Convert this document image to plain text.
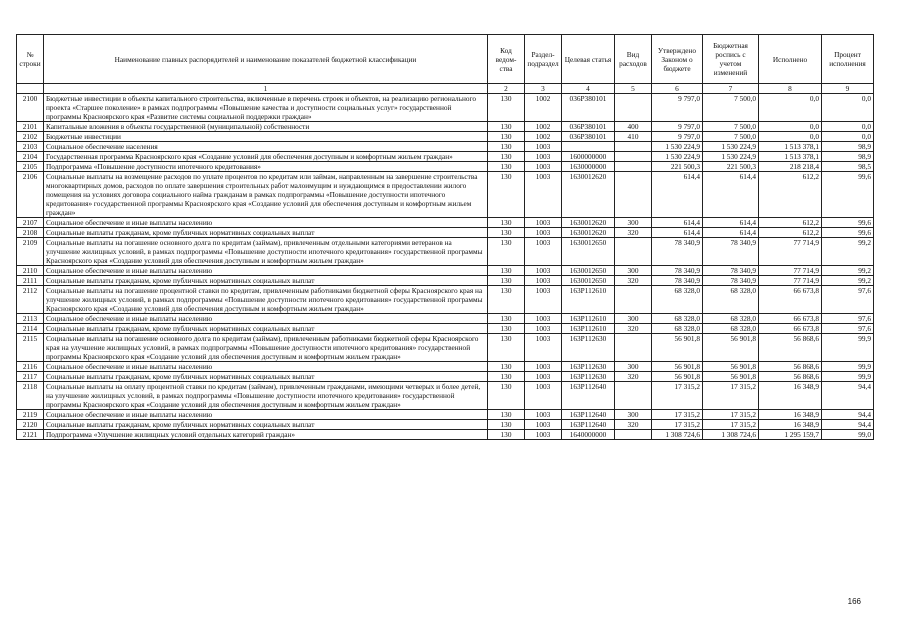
№ строки	Наименование главных распорядителей и наименование показателей бюджетной классификации	Код ведом-ства	Раздел-подраздел	Целевая статья	Вид расходов	Утверждено Законом о бюджете	Бюджетная роспись с учетом изменений	Исполнено	Процент исполнения
	1	2	3	4	5	6	7	8	9
2100	Бюджетные инвестиции в объекты капитального строительства, включенные в перечень строек и объектов, на реализацию регионального проекта «Старшее поколение» в рамках подпрограммы «Повышение качества и доступности социальных услуг» государственной программы Красноярского края «Развитие системы социальной поддержки граждан»	130	1002	036P380101		9 797,0	7 500,0	0,0	0,0
2101	Капитальные вложения в объекты государственной (муниципальной) собственности	130	1002	036P380101	400	9 797,0	7 500,0	0,0	0,0
2102	Бюджетные инвестиции	130	1002	036P380101	410	9 797,0	7 500,0	0,0	0,0
2103	Социальное обеспечение населения	130	1003			1 530 224,9	1 530 224,9	1 513 378,1	98,9
2104	Государственная программа Красноярского края «Создание условий для обеспечения доступным и комфортным жильем граждан»	130	1003	1600000000		1 530 224,9	1 530 224,9	1 513 378,1	98,9
2105	Подпрограмма «Повышение доступности ипотечного кредитования»	130	1003	1630000000		221 500,3	221 500,3	218 218,4	98,5
2106	Социальные выплаты на возмещение расходов по уплате процентов по кредитам или займам, направленным на завершение строительства многоквартирных домов, расходов по оплате завершения строительных работ малоимущим и нуждающимся в предоставлении жилого помещения на условиях договора социального найма гражданам в рамках подпрограммы «Повышение доступности ипотечного кредитования» государственной программы Красноярского края «Создание условий для обеспечения доступным и комфортным жильем граждан»	130	1003	1630012620		614,4	614,4	612,2	99,6
2107	Социальное обеспечение и иные выплаты населению	130	1003	1630012620	300	614,4	614,4	612,2	99,6
2108	Социальные выплаты гражданам, кроме публичных нормативных социальных выплат	130	1003	1630012620	320	614,4	614,4	612,2	99,6
2109	Социальные выплаты на погашение основного долга по кредитам (займам), привлеченным отдельными категориями ветеранов на улучшение жилищных условий, в рамках подпрограммы «Повышение доступности ипотечного кредитования» государственной программы Красноярского края «Создание условий для обеспечения доступным и комфортным жильем граждан»	130	1003	1630012650		78 340,9	78 340,9	77 714,9	99,2
2110	Социальное обеспечение и иные выплаты населению	130	1003	1630012650	300	78 340,9	78 340,9	77 714,9	99,2
2111	Социальные выплаты гражданам, кроме публичных нормативных социальных выплат	130	1003	1630012650	320	78 340,9	78 340,9	77 714,9	99,2
2112	Социальные выплаты на погашение процентной ставки по кредитам, привлеченным работниками бюджетной сферы Красноярского края на улучшение жилищных условий, в рамках подпрограммы «Повышение доступности ипотечного кредитования» государственной программы Красноярского края «Создание условий для обеспечения доступным и комфортным жильем граждан»	130	1003	163P112610		68 328,0	68 328,0	66 673,8	97,6
2113	Социальное обеспечение и иные выплаты населению	130	1003	163P112610	300	68 328,0	68 328,0	66 673,8	97,6
2114	Социальные выплаты гражданам, кроме публичных нормативных социальных выплат	130	1003	163P112610	320	68 328,0	68 328,0	66 673,8	97,6
2115	Социальные выплаты на погашение основного долга по кредитам (займам), привлеченным работниками бюджетной сферы Красноярского края на улучшение жилищных условий, в рамках подпрограммы «Повышение доступности ипотечного кредитования» государственной программы Красноярского края «Создание условий для обеспечения доступным и комфортным жильем граждан»	130	1003	163P112630		56 901,8	56 901,8	56 868,6	99,9
2116	Социальное обеспечение и иные выплаты населению	130	1003	163P112630	300	56 901,8	56 901,8	56 868,6	99,9
2117	Социальные выплаты гражданам, кроме публичных нормативных социальных выплат	130	1003	163P112630	320	56 901,8	56 901,8	56 868,6	99,9
2118	Социальные выплаты на оплату процентной ставки по кредитам (займам), привлеченным гражданами, имеющими четверых и более детей, на улучшение жилищных условий, в рамках подпрограммы «Повышение доступности ипотечного кредитования» государственной программы Красноярского края «Создание условий для обеспечения доступным и комфортным жильем граждан»	130	1003	163P112640		17 315,2	17 315,2	16 348,9	94,4
2119	Социальное обеспечение и иные выплаты населению	130	1003	163P112640	300	17 315,2	17 315,2	16 348,9	94,4
2120	Социальные выплаты гражданам, кроме публичных нормативных социальных выплат	130	1003	163P112640	320	17 315,2	17 315,2	16 348,9	94,4
2121	Подпрограмма «Улучшение жилищных условий отдельных категорий граждан»	130	1003	1640000000		1 308 724,6	1 308 724,6	1 295 159,7	99,0
166
